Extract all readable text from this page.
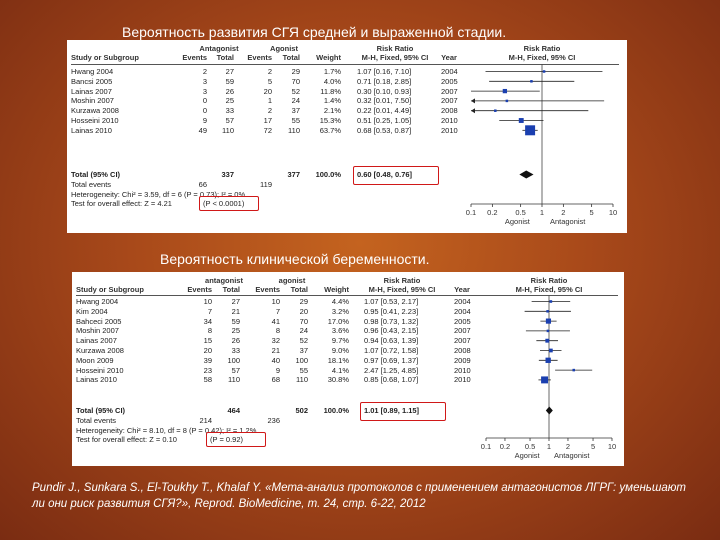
Вероятность развития СГЯ средней и выраженной стадии.
Antagonist	Agonist	Risk Ratio	Risk Ratio
Study or Subgroup	Events	Total	Events	Total	Weight	M-H, Fixed, 95% CI	Year	M-H, Fixed, 95% CI
Hwang 2004	2	27	2	29	1.7% 1.07 [0.16, 7.10]	2004
Bancsi 2005	3	59	5	70	4.0% 0.71 [0.18, 2.85]	2005
Lainas 2007	3	26	20	52	11.8% 0.30 [0.10, 0.93]	2007
Moshin 2007	0	25	1	24	1.4% 0.32 [0.01, 7.50]	2007
Kurzawa 2008	0	33	2	37	2.1% 0.22 [0.01, 4.49]	2008
Hosseini 2010	9	57	17	55	15.3% 0.51 [0.25, 1.05]	2010
Lainas 2010	49	110	72	110	63.7% 0.68 [0.53, 0.87]	2010
Total (95% CI)	337	377	100.0% 0.60 [0.48, 0.76]
Total events	66	119
Heterogeneity: Chi² = 3.59, df = 6 (P = 0.73); I² = 0%
Test for overall effect: Z = 4.21	(P < 0.0001)
0.1	0.2	0.5	1	2	5	10
Agonist	Antagonist
Вероятность клинической беременности.
antagonist	agonist	Risk Ratio	Risk Ratio
Study or Subgroup	Events	Total	Events	Total	Weight	M-H, Fixed, 95% CI	Year	M-H, Fixed, 95% CI
Hwang 2004	10	27	10	29	4.4% 1.07 [0.53, 2.17]	2004
Kim 2004	7	21	7	20	3.2% 0.95 [0.41, 2.23]	2004
Bahceci 2005	34	59	41	70	17.0% 0.98 [0.73, 1.32]	2005
Moshin 2007	8	25	8	24	3.6% 0.96 [0.43, 2.15]	2007
Lainas 2007	15	26	32	52	9.7% 0.94 [0.63, 1.39]	2007
Kurzawa 2008	20	33	21	37	9.0% 1.07 [0.72, 1.58]	2008
Moon 2009	39	100	40	100	18.1% 0.97 [0.69, 1.37]	2009
Hosseini 2010	23	57	9	55	4.1% 2.47 [1.25, 4.85]	2010
Lainas 2010	58	110	68	110	30.8% 0.85 [0.68, 1.07]	2010
Total (95% CI)	464	502	100.0% 1.01 [0.89, 1.15]
Total events	214	236
Heterogeneity: Chi² = 8.10, df = 8 (P = 0.42); I² = 1.2%
Test for overall effect: Z = 0.10	(P = 0.92)
0.1	0.2	0.5	1	2	5	10
Agonist	Antagonist
Pundir J., Sunkara S., El-Toukhy T., Khalaf Y. «Мета-анализ протоколов с применением антагонистов ЛГРГ: уменьшают ли они риск развития СГЯ?», Reprod. BioMedicine, т. 24, стр. 6-22, 2012
